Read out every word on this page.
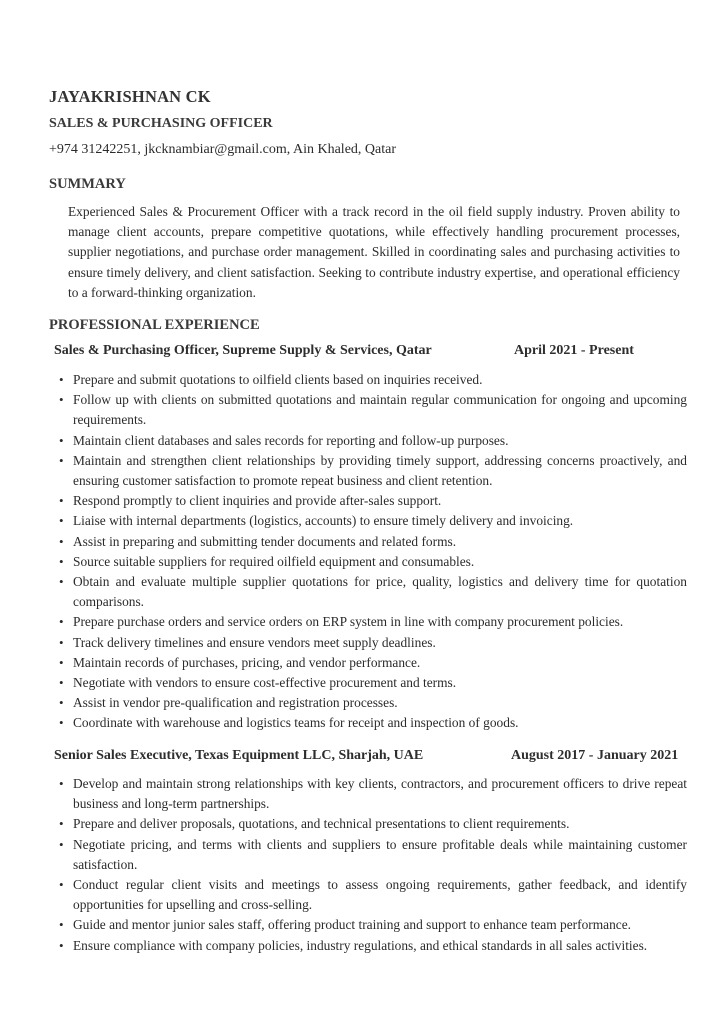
JAYAKRISHNAN CK
SALES & PURCHASING OFFICER
+974 31242251, jkcknambiar@gmail.com, Ain Khaled, Qatar
SUMMARY
Experienced Sales & Procurement Officer with a track record in the oil field supply industry. Proven ability to manage client accounts, prepare competitive quotations, while effectively handling procurement processes, supplier negotiations, and purchase order management. Skilled in coordinating sales and purchasing activities to ensure timely delivery, and client satisfaction. Seeking to contribute industry expertise, and operational efficiency to a forward-thinking organization.
PROFESSIONAL EXPERIENCE
Sales & Purchasing Officer, Supreme Supply & Services, Qatar	April 2021 - Present
• Prepare and submit quotations to oilfield clients based on inquiries received.
• Follow up with clients on submitted quotations and maintain regular communication for ongoing and upcoming requirements.
• Maintain client databases and sales records for reporting and follow-up purposes.
• Maintain and strengthen client relationships by providing timely support, addressing concerns proactively, and ensuring customer satisfaction to promote repeat business and client retention.
• Respond promptly to client inquiries and provide after-sales support.
• Liaise with internal departments (logistics, accounts) to ensure timely delivery and invoicing.
• Assist in preparing and submitting tender documents and related forms.
• Source suitable suppliers for required oilfield equipment and consumables.
• Obtain and evaluate multiple supplier quotations for price, quality, logistics and delivery time for quotation comparisons.
• Prepare purchase orders and service orders on ERP system in line with company procurement policies.
• Track delivery timelines and ensure vendors meet supply deadlines.
• Maintain records of purchases, pricing, and vendor performance.
• Negotiate with vendors to ensure cost-effective procurement and terms.
• Assist in vendor pre-qualification and registration processes.
• Coordinate with warehouse and logistics teams for receipt and inspection of goods.
Senior Sales Executive, Texas Equipment LLC, Sharjah, UAE	August 2017 - January 2021
• Develop and maintain strong relationships with key clients, contractors, and procurement officers to drive repeat business and long-term partnerships.
• Prepare and deliver proposals, quotations, and technical presentations to client requirements.
• Negotiate pricing, and terms with clients and suppliers to ensure profitable deals while maintaining customer satisfaction.
• Conduct regular client visits and meetings to assess ongoing requirements, gather feedback, and identify opportunities for upselling and cross-selling.
• Guide and mentor junior sales staff, offering product training and support to enhance team performance.
• Ensure compliance with company policies, industry regulations, and ethical standards in all sales activities.
